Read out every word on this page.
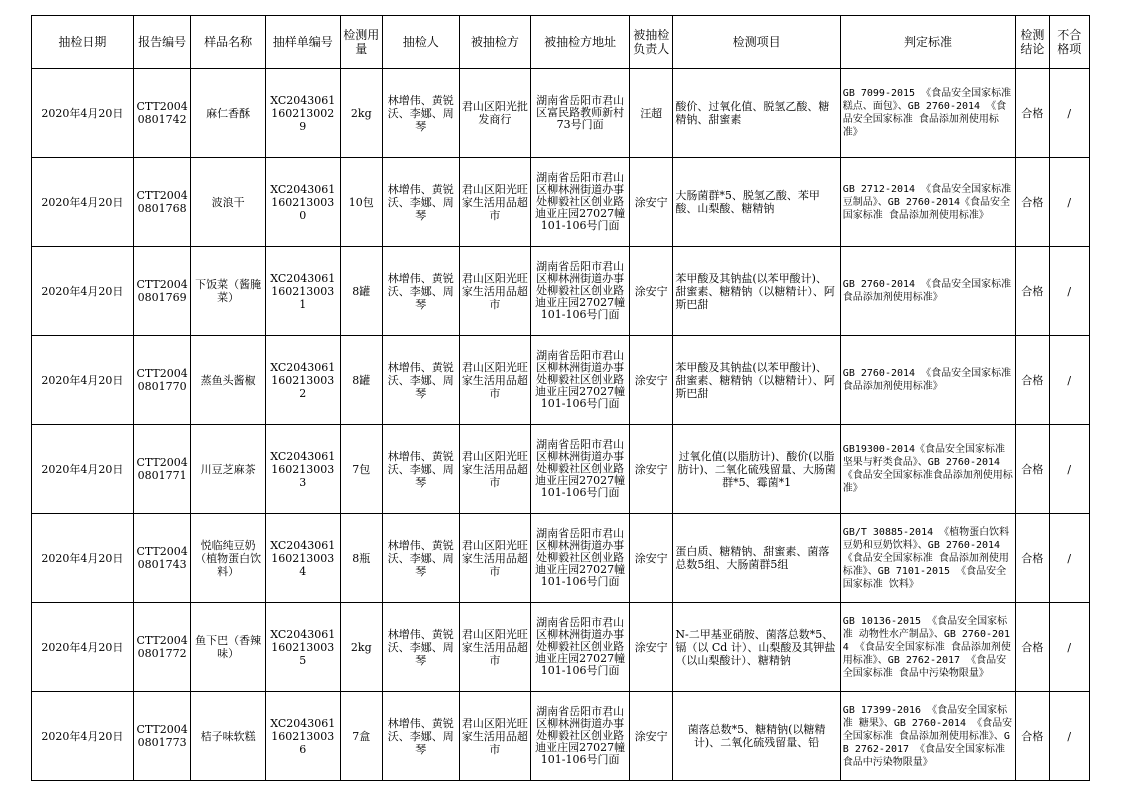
抽检日期	报告编号	样品名称	抽样单编号	检测用量	抽检人	被抽检方	被抽检方地址	被抽检负责人	检测项目	判定标准	检测结论	不合格项
2020年4月20日	CTT20040801742	麻仁香酥	XC20430611602130029	2kg	林增伟、黄锐沃、李娜、周琴	君山区阳光批发商行	湖南省岳阳市君山区富民路教师新村73号门面	汪超	酸价、过氧化值、脱氢乙酸、糖精钠、甜蜜素	GB 7099-2015 《食品安全国家标准 糕点、面包》、GB 2760-2014 《食品安全国家标准 食品添加剂使用标准》	合格	/
2020年4月20日	CTT20040801768	波浪干	XC20430611602130030	10包	林增伟、黄锐沃、李娜、周琴	君山区阳光旺家生活用品超市	湖南省岳阳市君山区柳林洲街道办事处柳毅社区创业路迪亚庄园27027幢101-106号门面	涂安宁	大肠菌群*5、脱氢乙酸、苯甲酸、山梨酸、糖精钠	GB 2712-2014 《食品安全国家标准 豆制品》、GB 2760-2014《食品安全国家标准 食品添加剂使用标准》	合格	/
2020年4月20日	CTT20040801769	下饭菜（酱腌菜）	XC20430611602130031	8罐	林增伟、黄锐沃、李娜、周琴	君山区阳光旺家生活用品超市	湖南省岳阳市君山区柳林洲街道办事处柳毅社区创业路迪亚庄园27027幢101-106号门面	涂安宁	苯甲酸及其钠盐(以苯甲酸计)、甜蜜素、糖精钠（以糖精计）、阿斯巴甜	GB 2760-2014 《食品安全国家标准 食品添加剂使用标准》	合格	/
2020年4月20日	CTT20040801770	蒸鱼头酱椒	XC20430611602130032	8罐	林增伟、黄锐沃、李娜、周琴	君山区阳光旺家生活用品超市	湖南省岳阳市君山区柳林洲街道办事处柳毅社区创业路迪亚庄园27027幢101-106号门面	涂安宁	苯甲酸及其钠盐(以苯甲酸计)、甜蜜素、糖精钠（以糖精计）、阿斯巴甜	GB 2760-2014 《食品安全国家标准 食品添加剂使用标准》	合格	/
2020年4月20日	CTT20040801771	川豆芝麻茶	XC20430611602130033	7包	林增伟、黄锐沃、李娜、周琴	君山区阳光旺家生活用品超市	湖南省岳阳市君山区柳林洲街道办事处柳毅社区创业路迪亚庄园27027幢101-106号门面	涂安宁	过氧化值(以脂肪计)、酸价(以脂肪计)、二氧化硫残留量、大肠菌群*5、霉菌*1	GB19300-2014《食品安全国家标准 坚果与籽类食品》、GB 2760-2014 《食品安全国家标准食品添加剂使用标准》	合格	/
2020年4月20日	CTT20040801743	悦临纯豆奶（植物蛋白饮料）	XC20430611602130034	8瓶	林增伟、黄锐沃、李娜、周琴	君山区阳光旺家生活用品超市	湖南省岳阳市君山区柳林洲街道办事处柳毅社区创业路迪亚庄园27027幢101-106号门面	涂安宁	蛋白质、糖精钠、甜蜜素、菌落总数5组、大肠菌群5组	GB/T 30885-2014 《植物蛋白饮料 豆奶和豆奶饮料》、GB 2760-2014 《食品安全国家标准 食品添加剂使用标准》、GB 7101-2015 《食品安全国家标准 饮料》	合格	/
2020年4月20日	CTT20040801772	鱼下巴（香辣味）	XC20430611602130035	2kg	林增伟、黄锐沃、李娜、周琴	君山区阳光旺家生活用品超市	湖南省岳阳市君山区柳林洲街道办事处柳毅社区创业路迪亚庄园27027幢101-106号门面	涂安宁	N-二甲基亚硝胺、菌落总数*5、镉（以 Cd 计）、山梨酸及其钾盐（以山梨酸计）、糖精钠	GB 10136-2015 《食品安全国家标准 动物性水产制品》、GB 2760-2014 《食品安全国家标准 食品添加剂使用标准》、GB 2762-2017 《食品安全国家标准 食品中污染物限量》	合格	/
2020年4月20日	CTT20040801773	桔子味软糕	XC20430611602130036	7盒	林增伟、黄锐沃、李娜、周琴	君山区阳光旺家生活用品超市	湖南省岳阳市君山区柳林洲街道办事处柳毅社区创业路迪亚庄园27027幢101-106号门面	涂安宁	菌落总数*5、糖精钠(以糖精计)、二氧化硫残留量、铅	GB 17399-2016 《食品安全国家标准 糖果》、GB 2760-2014 《食品安全国家标准 食品添加剂使用标准》、GB 2762-2017 《食品安全国家标准 食品中污染物限量》	合格	/
